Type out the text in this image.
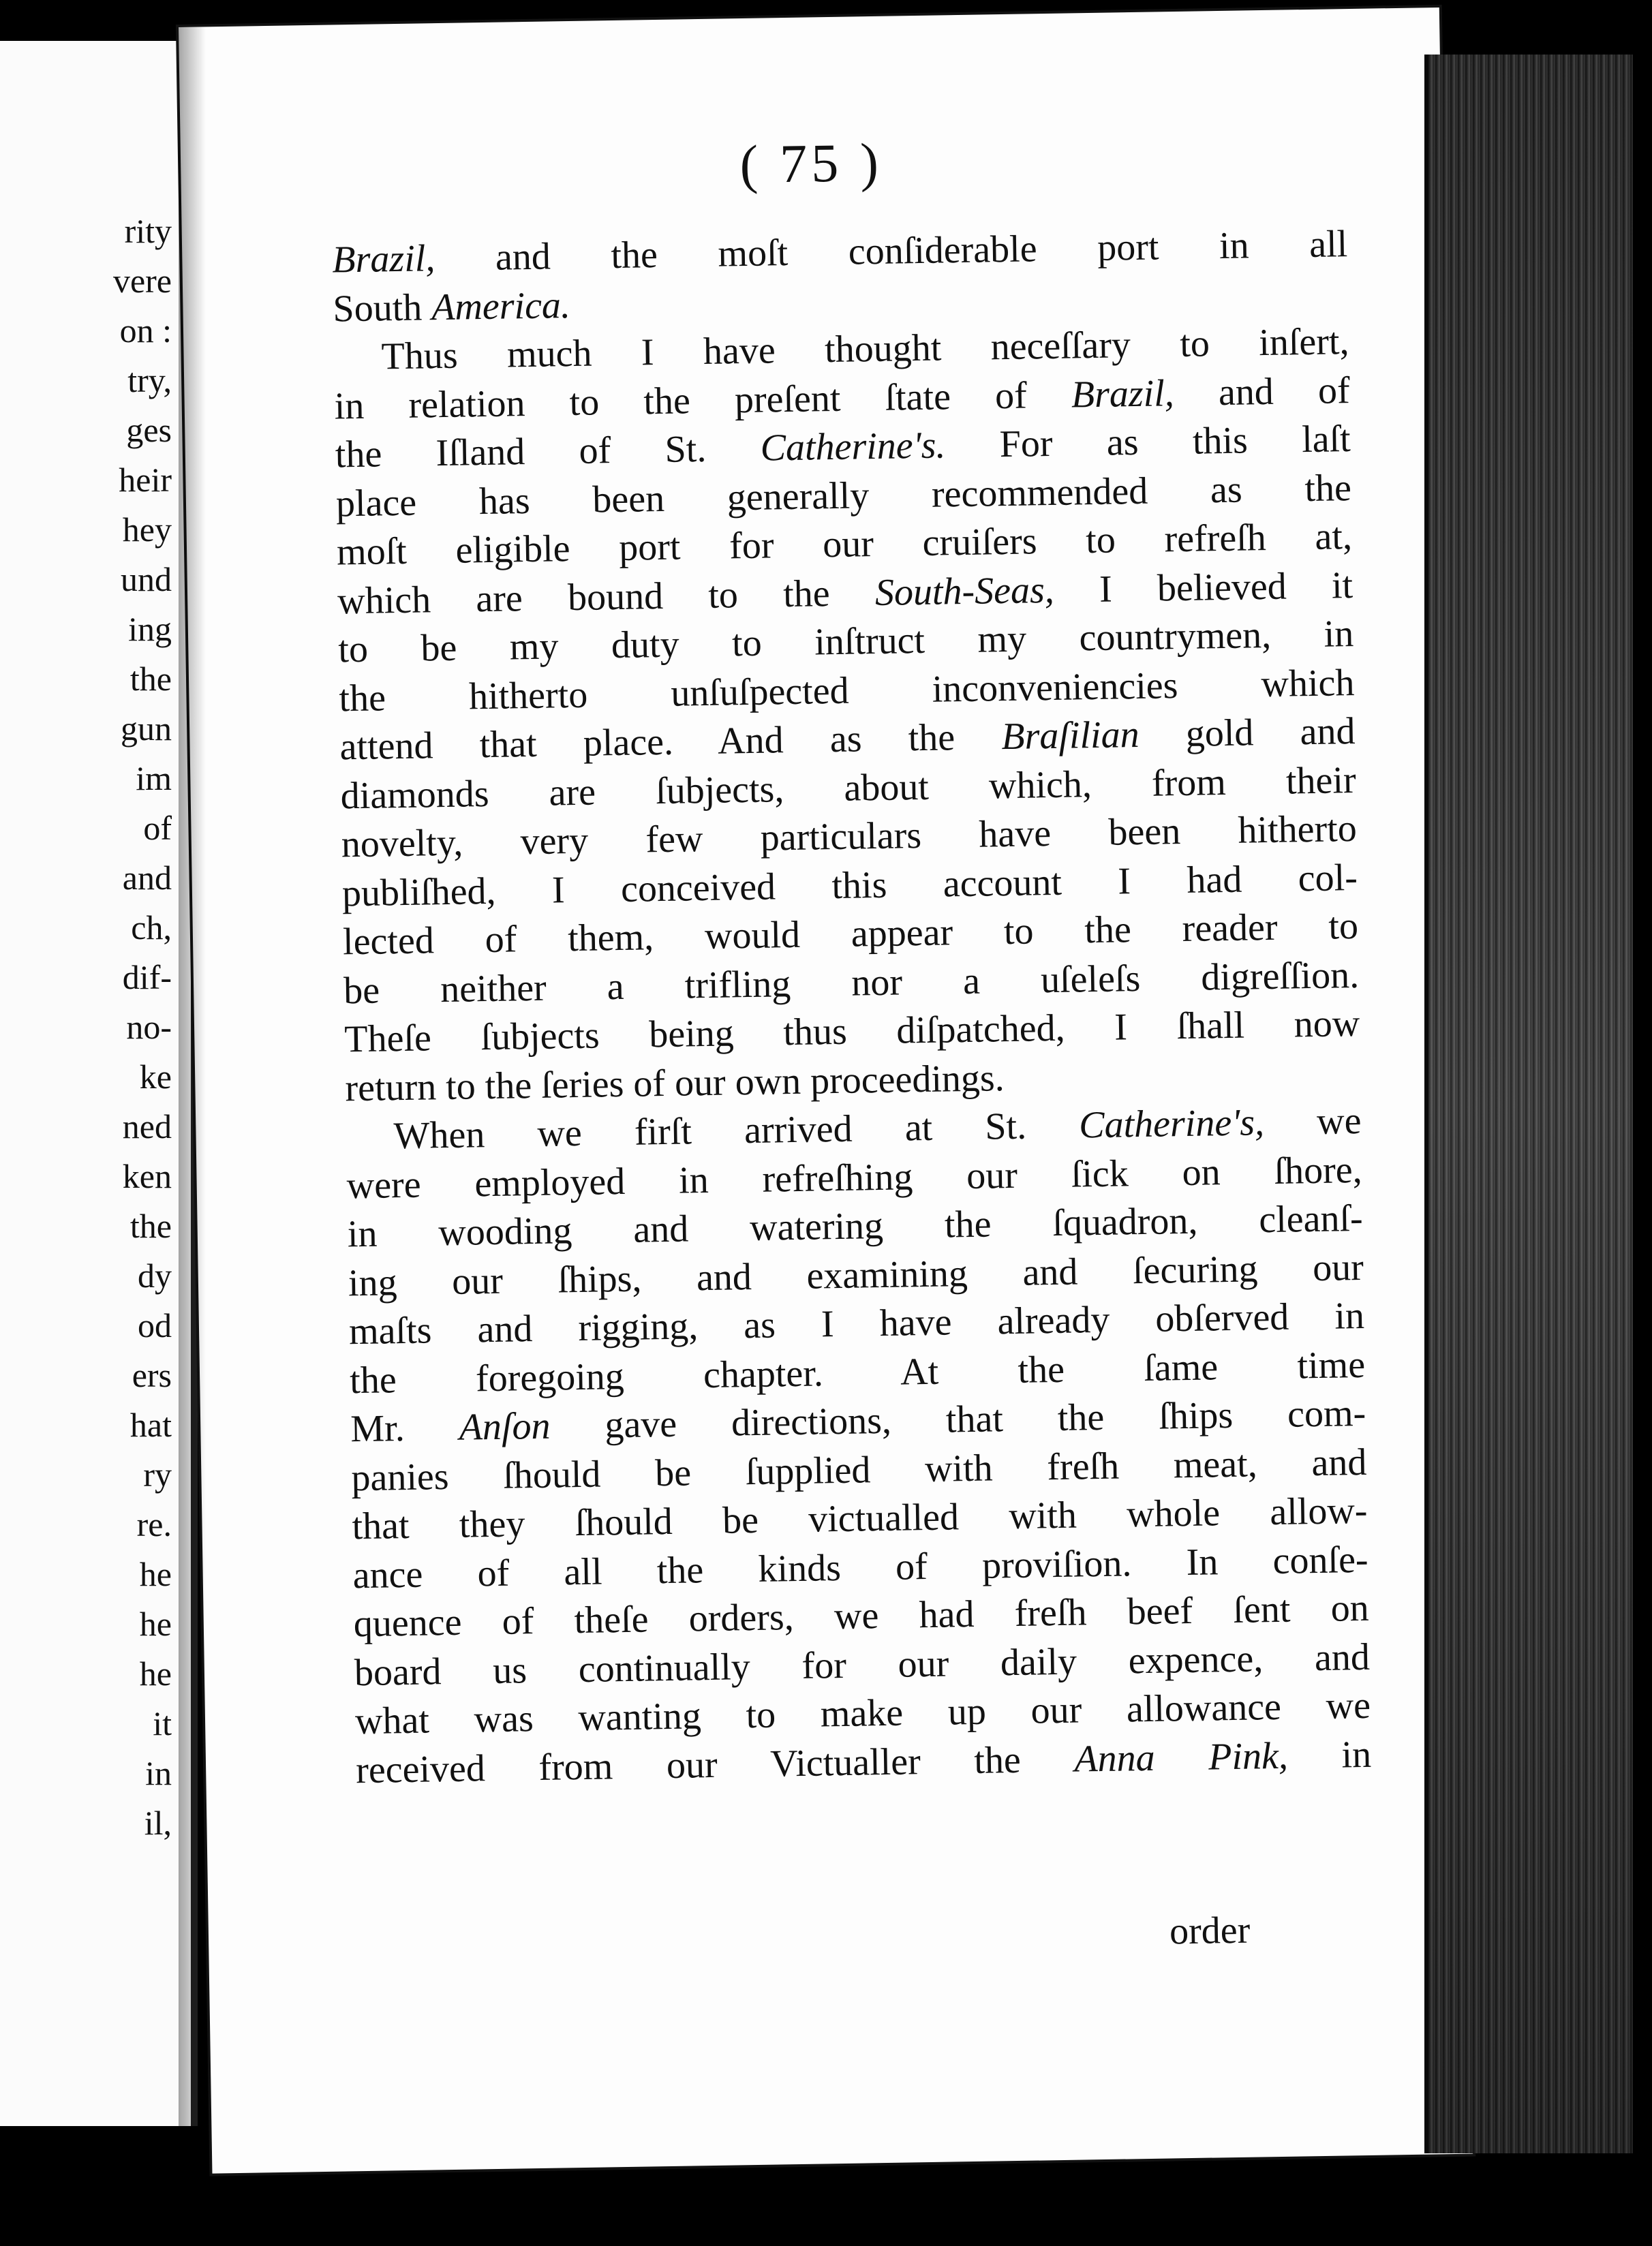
rity
vere
on :
try,
ges
heir
hey
und
ing
the
gun
im
of
and
ch,
dif-
no-
ke
ned
ken
the
dy
od
ers
hat
ry
re.
he
he
he
it
in
il,
( 75 )
Brazil, and the moſt conſiderable port in all
South America.
Thus much I have thought neceſſary to inſert,
in relation to the preſent ſtate of Brazil, and of
the Iſland of St. Catherine's. For as this laſt
place has been generally recommended as the
moſt eligible port for our cruiſers to refreſh at,
which are bound to the South-Seas, I believed it
to be my duty to inſtruct my countrymen, in
the hitherto unſuſpected inconveniencies which
attend that place. And as the Braſilian gold and
diamonds are ſubjects, about which, from their
novelty, very few particulars have been hitherto
publiſhed, I conceived this account I had col-
lected of them, would appear to the reader to
be neither a trifling nor a uſeleſs digreſſion.
Theſe ſubjects being thus diſpatched, I ſhall now
return to the ſeries of our own proceedings.
When we firſt arrived at St. Catherine's, we
were employed in refreſhing our ſick on ſhore,
in wooding and watering the ſquadron, cleanſ-
ing our ſhips, and examining and ſecuring our
maſts and rigging, as I have already obſerved in
the foregoing chapter. At the ſame time
Mr. Anſon gave directions, that the ſhips com-
panies ſhould be ſupplied with freſh meat, and
that they ſhould be victualled with whole allow-
ance of all the kinds of proviſion. In conſe-
quence of theſe orders, we had freſh beef ſent on
board us continually for our daily expence, and
what was wanting to make up our allowance we
received from our Victualler the Anna Pink, in
order
